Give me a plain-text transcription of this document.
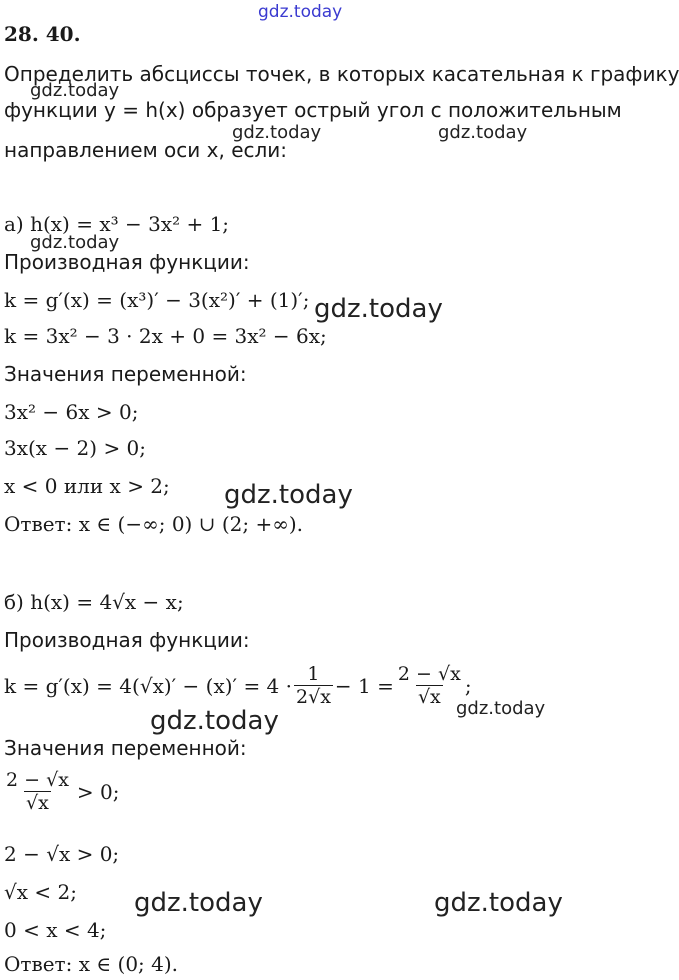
28. 40.
Определить абсциссы точек, в которых касательная к графику
функции y = h(x) образует острый угол с положительным
направлением оси x, если:
а) h(x) = x³ − 3x² + 1;
Производная функции:
k = g′(x) = (x³)′ − 3(x²)′ + (1)′;
k = 3x² − 3 · 2x + 0 = 3x² − 6x;
Значения переменной:
3x² − 6x > 0;
3x(x − 2) > 0;
x < 0 или x > 2;
Ответ: x ∈ (−∞; 0) ∪ (2; +∞).
б) h(x) = 4√x − x;
Производная функции:
$k = g'(x) = 4(√x)' - (x)' = 4 \cdot \frac{1}{2√x} - 1 = \frac{2 - √x}{√x}$ ;
Значения переменной:
$\frac{2 - √x}{√x} > 0$;
2 − √x > 0;
√x < 2;
0 < x < 4;
Ответ: x ∈ (0; 4).
gdz.today
gdz.today
gdz.today	gdz.today
gdz.today
gdz.today
gdz.today
gdz.today	gdz.today
gdz.today	gdz.today
